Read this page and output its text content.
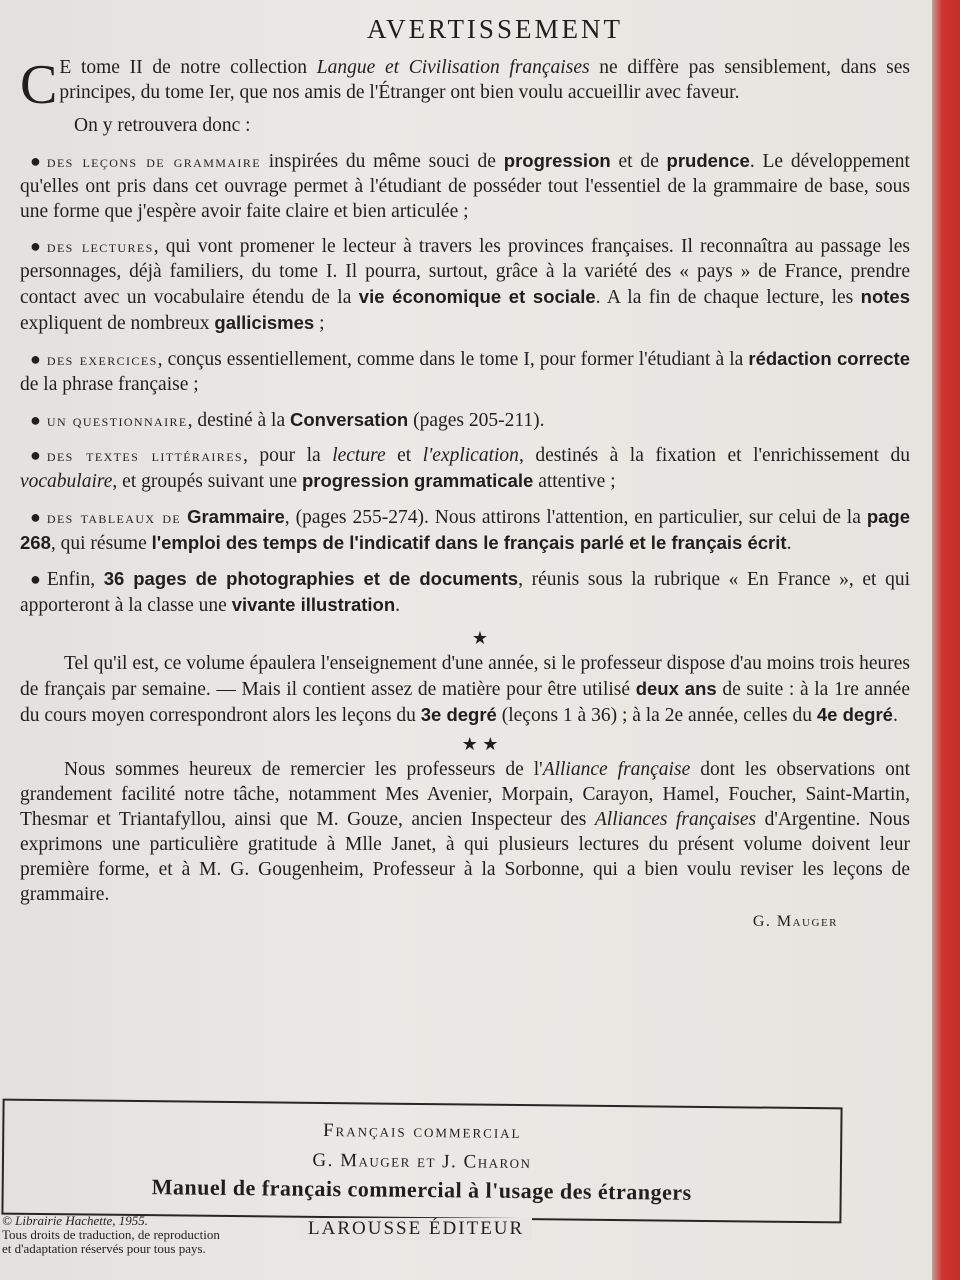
AVERTISSEMENT

C E tome II de notre collection Langue et Civilisation françaises ne diffère pas sensiblement, dans ses principes, du tome Ier, que nos amis de l'Étranger ont bien voulu accueillir avec faveur.

On y retrouvera donc :

● des leçons de grammaire inspirées du même souci de progression et de prudence. Le développement qu'elles ont pris dans cet ouvrage permet à l'étudiant de posséder tout l'essentiel de la grammaire de base, sous une forme que j'espère avoir faite claire et bien articulée ;

● des lectures, qui vont promener le lecteur à travers les provinces françaises. Il reconnaîtra au passage les personnages, déjà familiers, du tome I. Il pourra, surtout, grâce à la variété des « pays » de France, prendre contact avec un vocabulaire étendu de la vie économique et sociale. A la fin de chaque lecture, les notes expliquent de nombreux gallicismes ;

● des exercices, conçus essentiellement, comme dans le tome I, pour former l'étudiant à la rédaction correcte de la phrase française ;

● un questionnaire, destiné à la Conversation (pages 205-211).

● des textes littéraires, pour la lecture et l'explication, destinés à la fixation et l'enrichissement du vocabulaire, et groupés suivant une progression grammaticale attentive ;

● des tableaux de Grammaire, (pages 255-274). Nous attirons l'attention, en particulier, sur celui de la page 268, qui résume l'emploi des temps de l'indicatif dans le français parlé et le français écrit.

● Enfin, 36 pages de photographies et de documents, réunis sous la rubrique « En France », et qui apporteront à la classe une vivante illustration.

★

Tel qu'il est, ce volume épaulera l'enseignement d'une année, si le professeur dispose d'au moins trois heures de français par semaine. — Mais il contient assez de matière pour être utilisé deux ans de suite : à la 1re année du cours moyen correspondront alors les leçons du 3e degré (leçons 1 à 36) ; à la 2e année, celles du 4e degré.

★ ★

Nous sommes heureux de remercier les professeurs de l'Alliance française dont les observations ont grandement facilité notre tâche, notamment Mes Avenier, Morpain, Carayon, Hamel, Foucher, Saint-Martin, Thesmar et Triantafyllou, ainsi que M. Gouze, ancien Inspecteur des Alliances françaises d'Argentine. Nous exprimons une particulière gratitude à Mlle Janet, à qui plusieurs lectures du présent volume doivent leur première forme, et à M. G. Gougenheim, Professeur à la Sorbonne, qui a bien voulu reviser les leçons de grammaire.

G. Mauger
Français commercial
G. Mauger et J. Charon
Manuel de français commercial à l'usage des étrangers
LAROUSSE ÉDITEUR
© Librairie Hachette, 1955.
Tous droits de traduction, de reproduction
et d'adaptation réservés pour tous pays.
